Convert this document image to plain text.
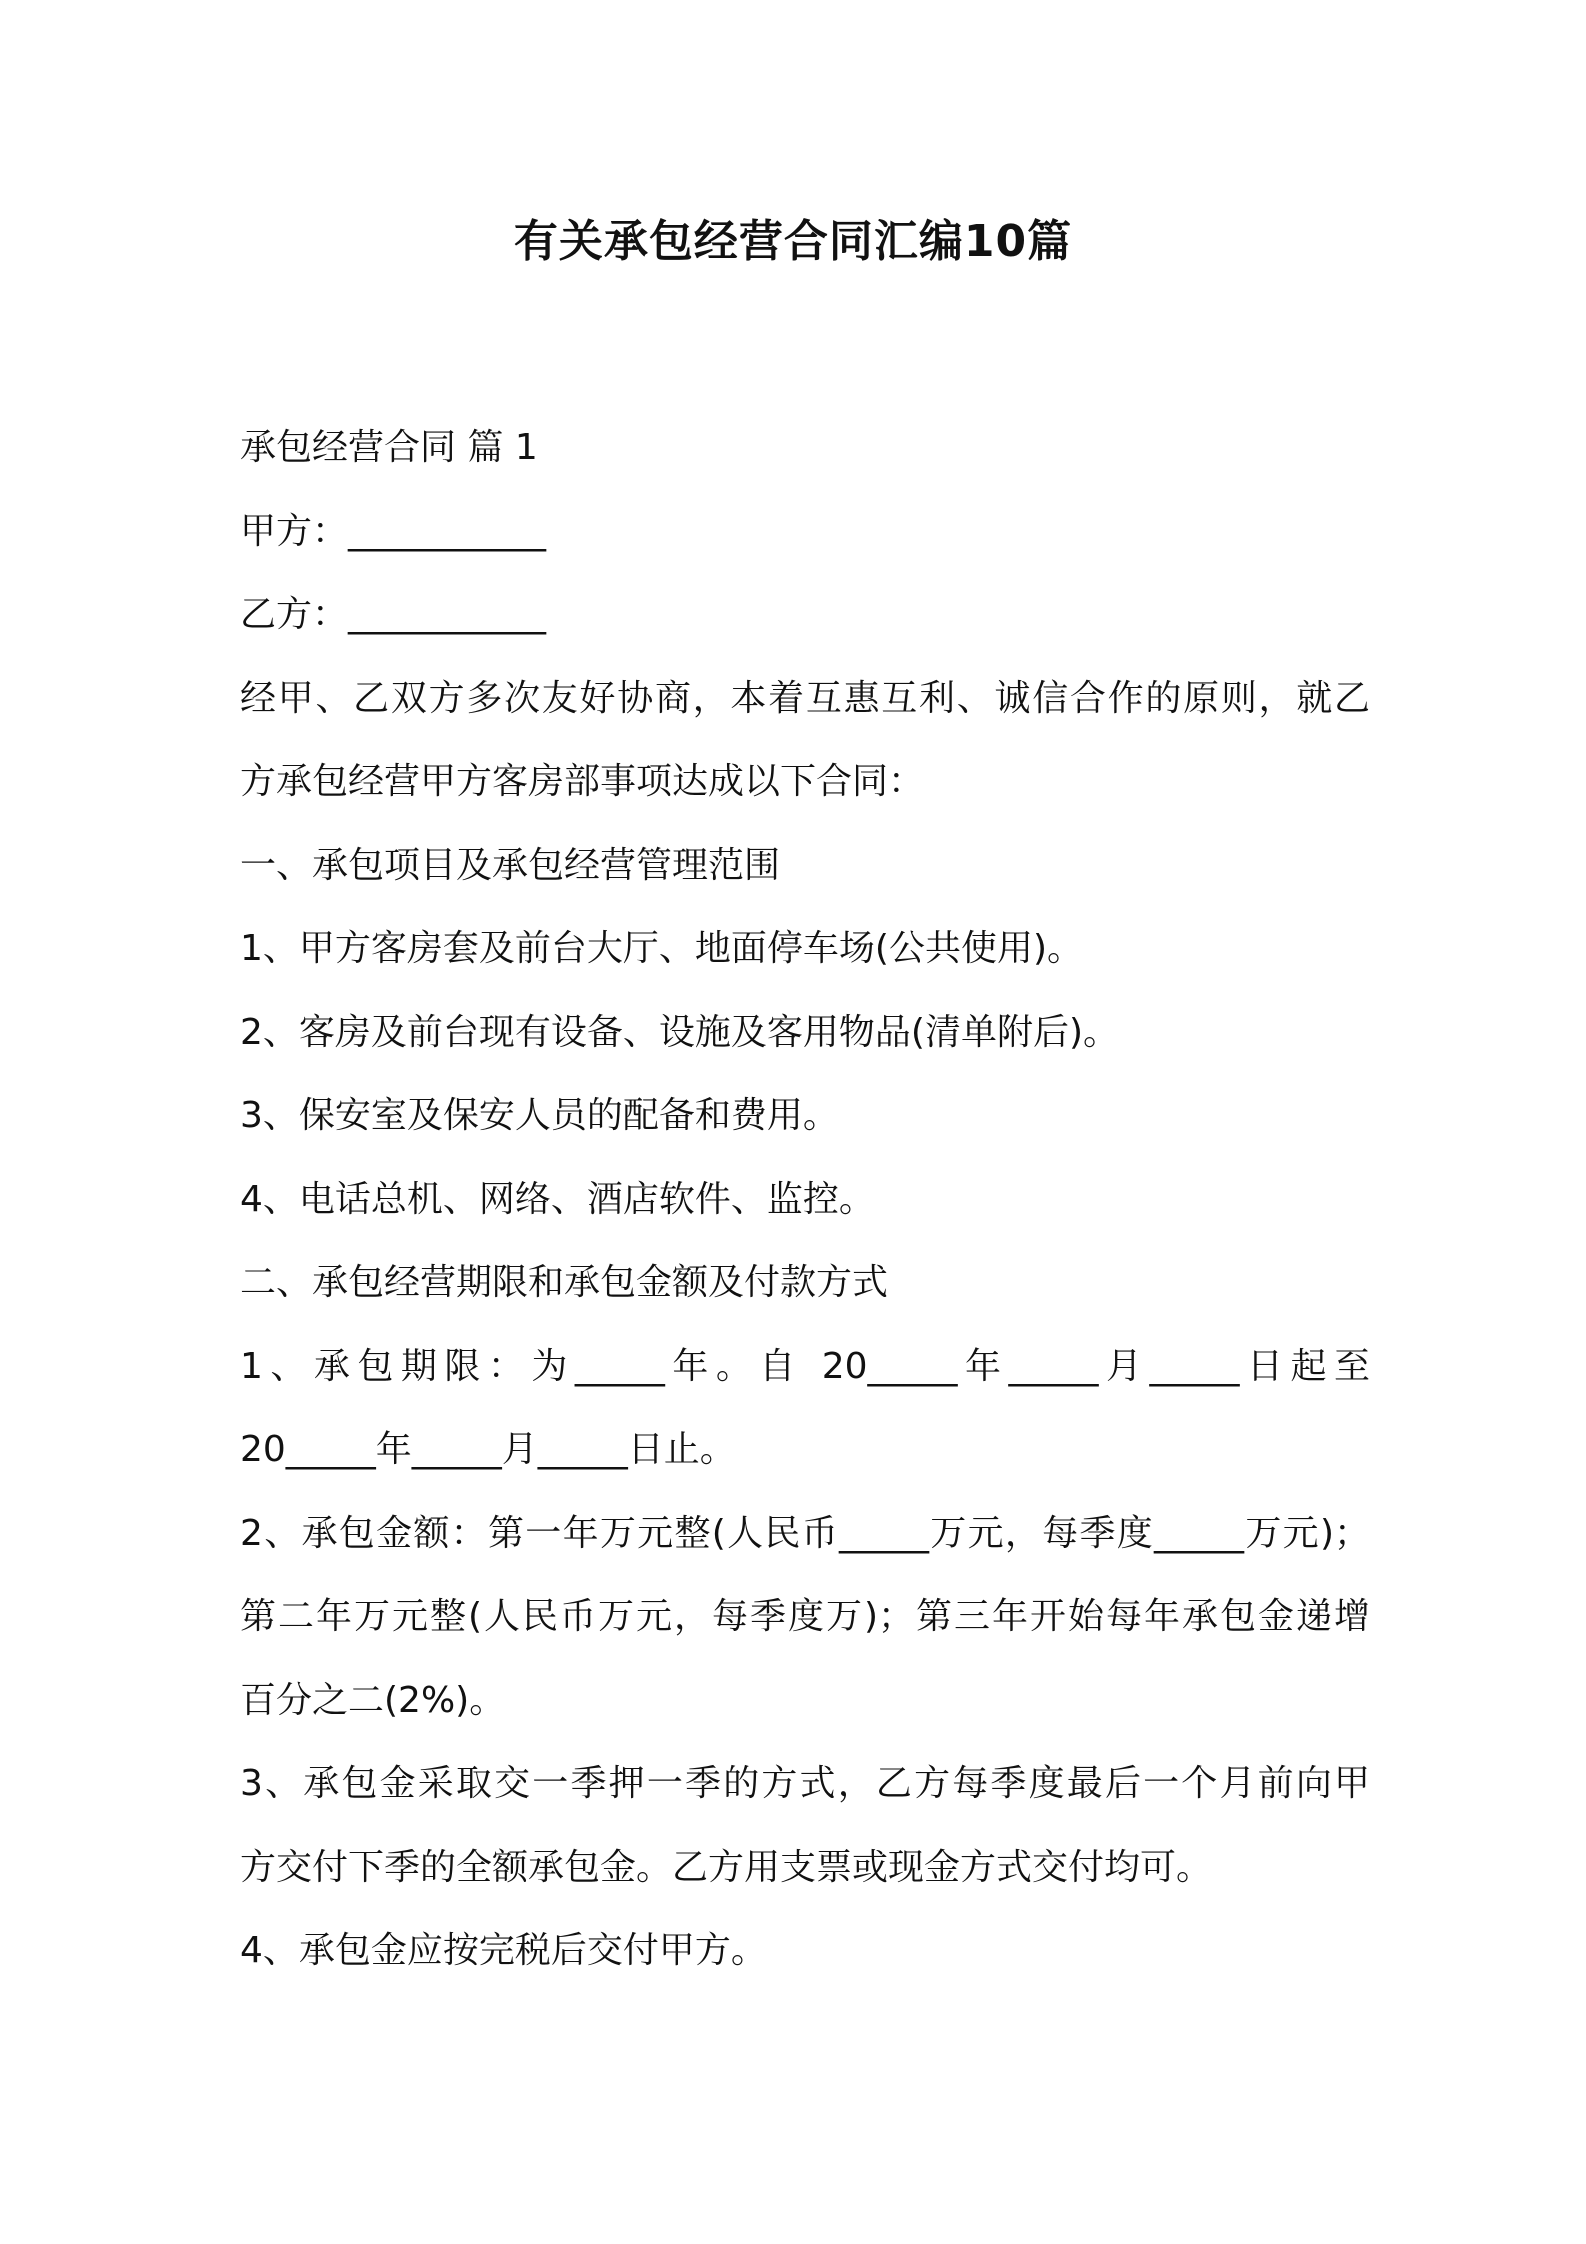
有关承包经营合同汇编10篇
承包经营合同 篇 1
甲方：___________
乙方：___________
经甲、乙双方多次友好协商，本着互惠互利、诚信合作的原则，就乙
方承包经营甲方客房部事项达成以下合同：
一、承包项目及承包经营管理范围
1、甲方客房套及前台大厅、地面停车场(公共使用)。
2、客房及前台现有设备、设施及客用物品(清单附后)。
3、保安室及保安人员的配备和费用。
4、电话总机、网络、酒店软件、监控。
二、承包经营期限和承包金额及付款方式
1、承包期限：为_____年。自 20_____年_____月_____日起至
20_____年_____月_____日止。
2、承包金额：第一年万元整(人民币_____万元，每季度_____万元)；
第二年万元整(人民币万元，每季度万)；第三年开始每年承包金递增
百分之二(2%)。
3、承包金采取交一季押一季的方式，乙方每季度最后一个月前向甲
方交付下季的全额承包金。乙方用支票或现金方式交付均可。
4、承包金应按完税后交付甲方。
